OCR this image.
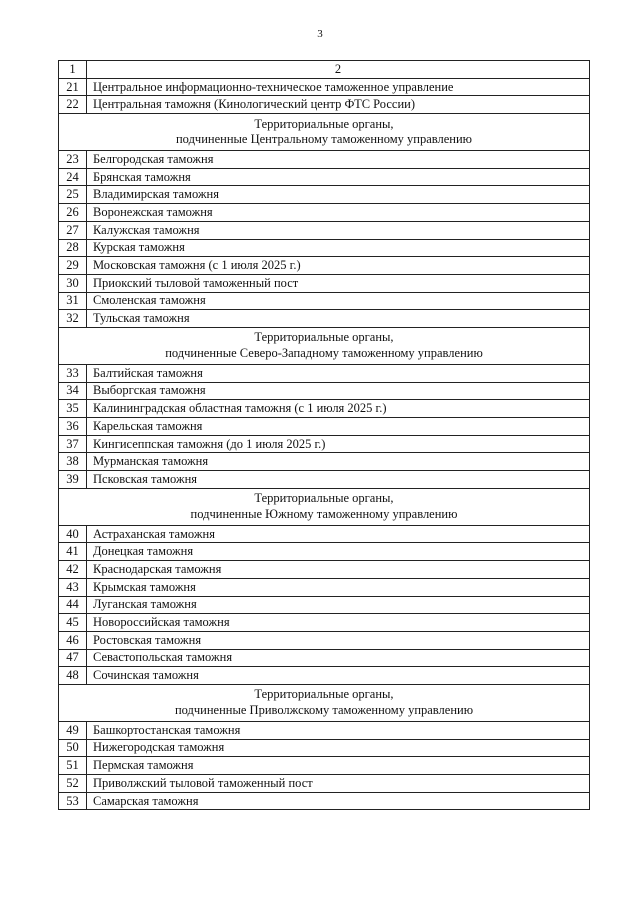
3
1	2
21	Центральное информационно-техническое таможенное управление
22	Центральная таможня (Кинологический центр ФТС России)

Территориальные органы,
подчиненные Центральному таможенному управлению	

23	Белгородская таможня
24	Брянская таможня
25	Владимирская таможня
26	Воронежская таможня
27	Калужская таможня
28	Курская таможня
29	Московская таможня (с 1 июля 2025 г.)
30	Приокский тыловой таможенный пост
31	Смоленская таможня
32	Тульская таможня

Территориальные органы,
подчиненные Северо-Западному таможенному управлению	

33	Балтийская таможня
34	Выборгская таможня
35	Калининградская областная таможня (с 1 июля 2025 г.)
36	Карельская таможня
37	Кингисеппская таможня (до 1 июля 2025 г.)
38	Мурманская таможня
39	Псковская таможня

Территориальные органы,
подчиненные Южному таможенному управлению	

40	Астраханская таможня
41	Донецкая таможня
42	Краснодарская таможня
43	Крымская таможня
44	Луганская таможня
45	Новороссийская таможня
46	Ростовская таможня
47	Севастопольская таможня
48	Сочинская таможня

Территориальные органы,
подчиненные Приволжскому таможенному управлению	

49	Башкортостанская таможня
50	Нижегородская таможня
51	Пермская таможня
52	Приволжский тыловой таможенный пост
53	Самарская таможня
